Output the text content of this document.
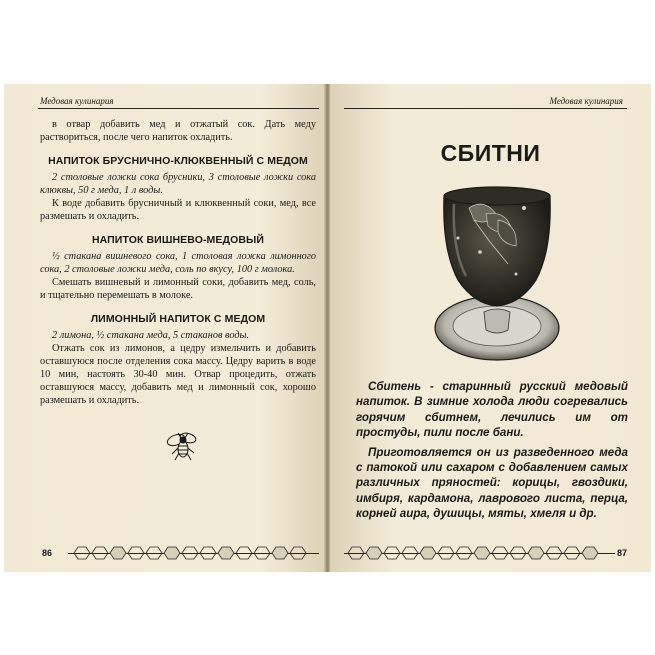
Медовая кулинария

в отвар добавить мед и отжатый сок. Дать меду раствориться, после чего напиток охладить.

НАПИТОК БРУСНИЧНО-КЛЮКВЕННЫЙ С МЕДОМ

2 столовые ложки сока брусники, 3 столовые ложки сока клюквы, 50 г меда, 1 л воды.

К воде добавить брусничный и клюквенный соки, мед, все размешать и охладить.

НАПИТОК ВИШНЕВО-МЕДОВЫЙ

½ стакана вишневого сока, 1 столовая ложка лимонного сока, 2 столовые ложки меда, соль по вкусу, 100 г молока.

Смешать вишневый и лимонный соки, добавить мед, соль, и тщательно перемешать в молоке.

ЛИМОННЫЙ НАПИТОК С МЕДОМ

2 лимона, ½ стакана меда, 5 стаканов воды.

Отжать сок из лимонов, а цедру измельчить и добавить оставшуюся после отделения сока массу. Цедру варить в воде 10 мин, настоять 30-40 мин. Отвар процедить, отжать оставшуюся массу, добавить мед и лимонный сок, хорошо размешать и охладить.

86
Медовая кулинария
СБИТНИ

Сбитень - старинный русский медовый напиток. В зимние холода люди согревались горячим сбитнем, лечились им от простуды, пили после бани.

Приготовляется он из разведенного меда с патокой или сахаром с добавлением самых различных пряностей: корицы, гвоздики, имбиря, кардамона, лаврового листа, перца, корней аира, душицы, мяты, хмеля и др.

87
